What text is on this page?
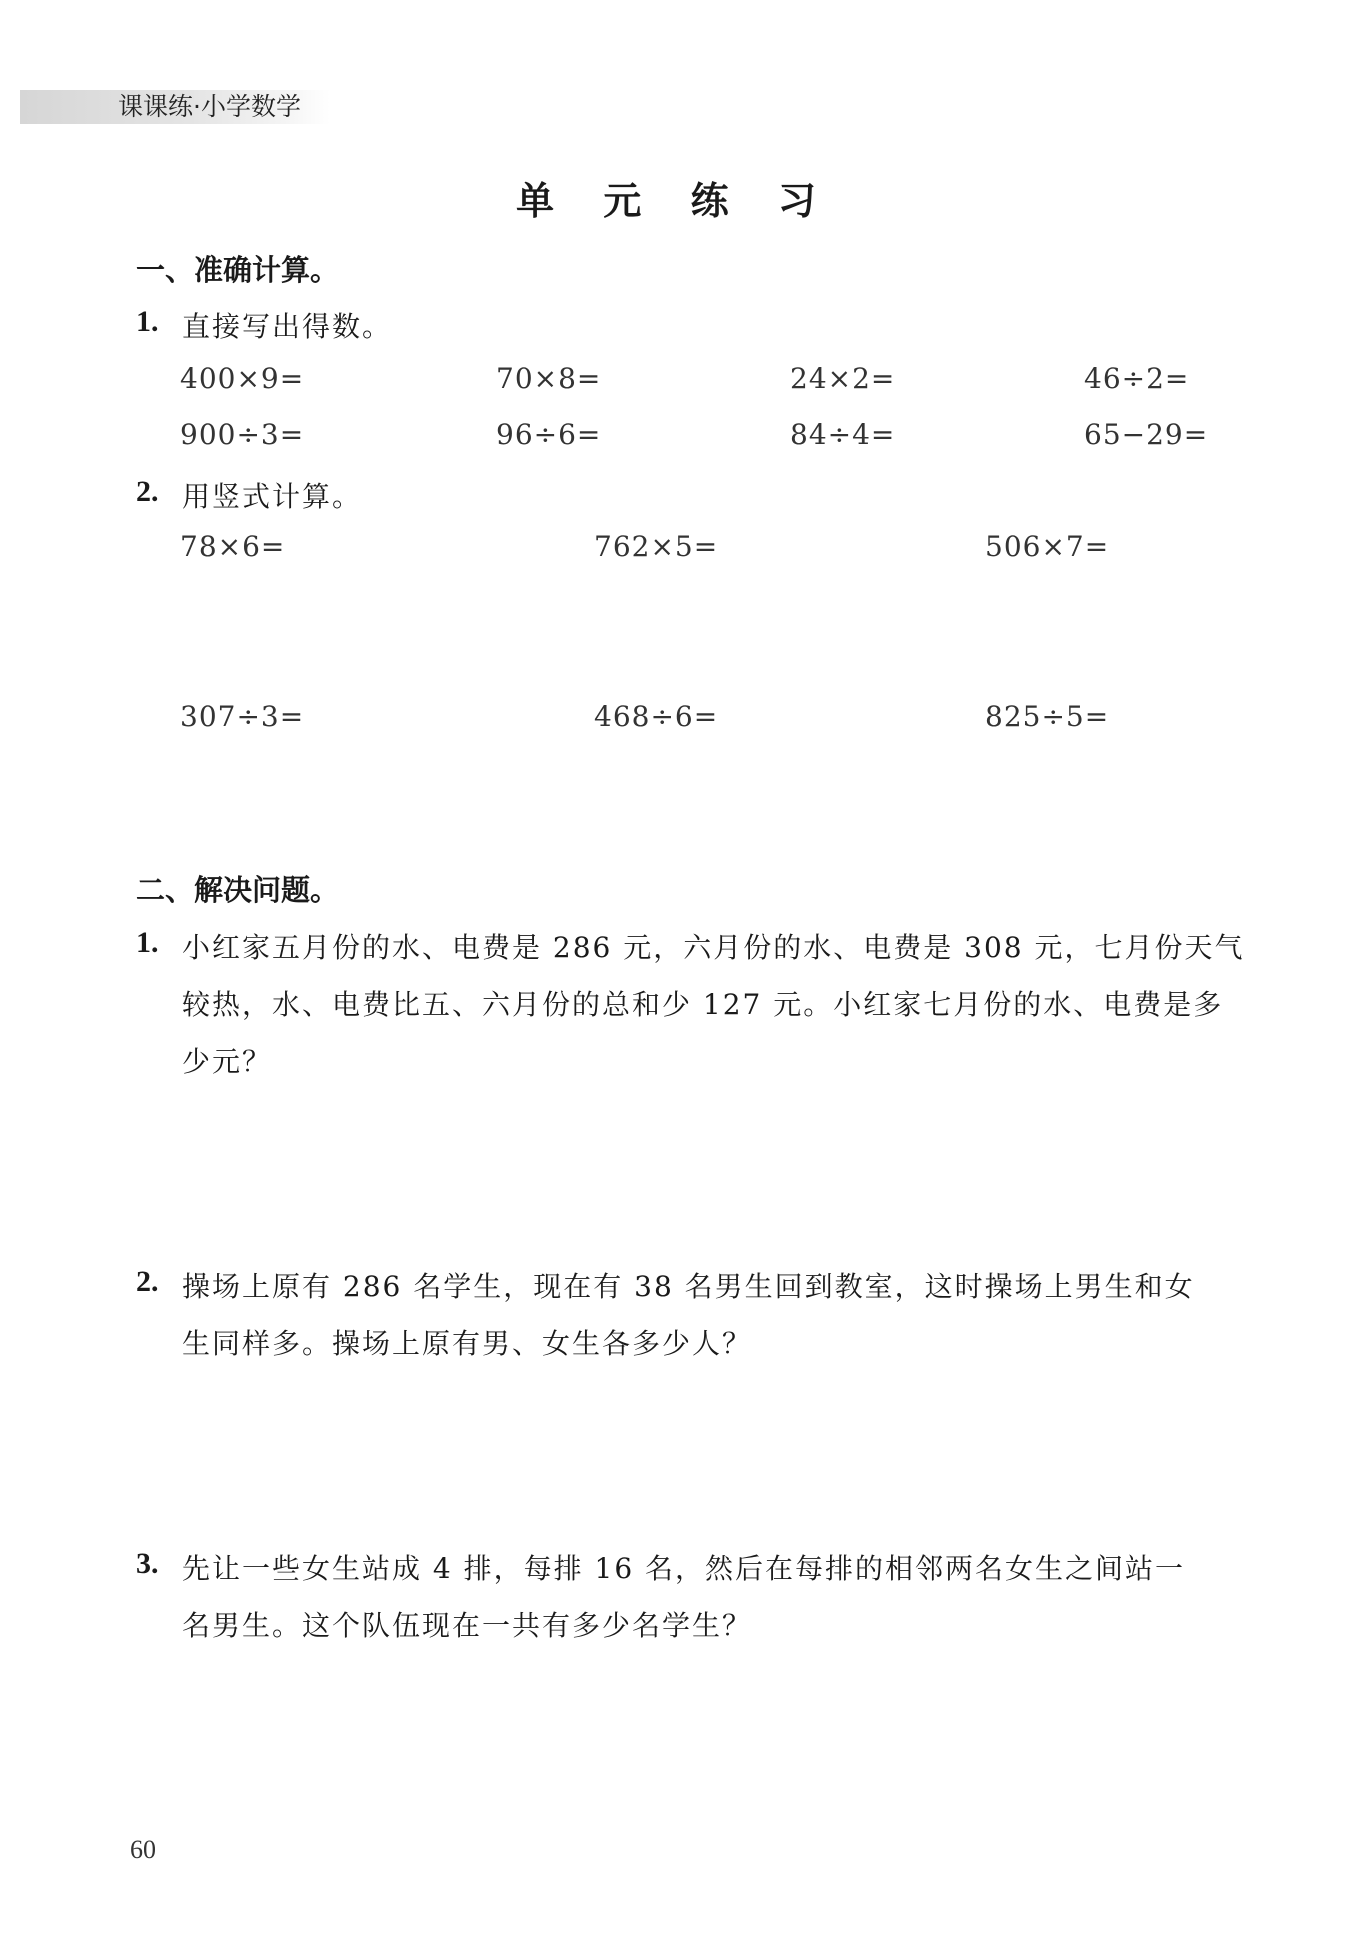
课课练·小学数学
单 元 练 习
一、准确计算。
1. 直接写出得数。
400×9=	70×8=	24×2=	46÷2=
900÷3=	96÷6=	84÷4=	65−29=
2. 用竖式计算。
78×6=	762×5=	506×7=
307÷3=	468÷6=	825÷5=
二、解决问题。
1. 小红家五月份的水、电费是 286 元，六月份的水、电费是 308 元，七月份天气
较热，水、电费比五、六月份的总和少 127 元。小红家七月份的水、电费是多
少元？
2. 操场上原有 286 名学生，现在有 38 名男生回到教室，这时操场上男生和女
生同样多。操场上原有男、女生各多少人？
3. 先让一些女生站成 4 排，每排 16 名，然后在每排的相邻两名女生之间站一
名男生。这个队伍现在一共有多少名学生？
60
